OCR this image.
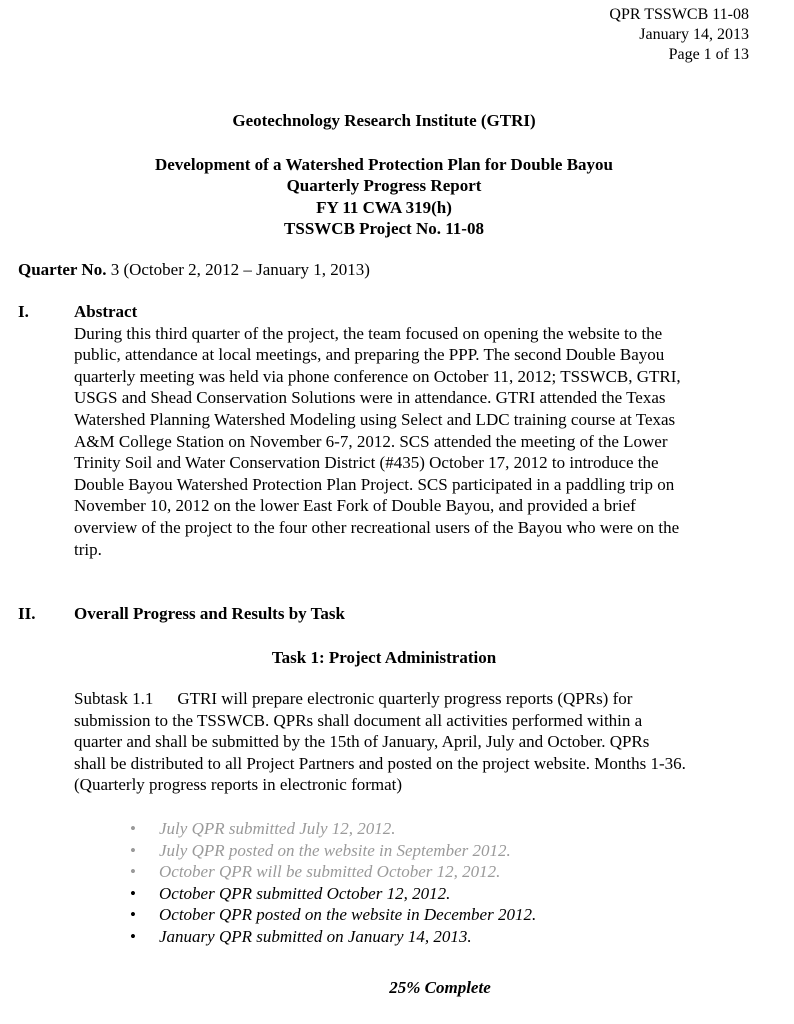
QPR TSSWCB 11-08
January 14, 2013
Page 1 of 13
Geotechnology Research Institute (GTRI)
Development of a Watershed Protection Plan for Double Bayou
Quarterly Progress Report
FY 11 CWA 319(h)
TSSWCB Project No. 11-08
Quarter No. 3 (October 2, 2012 – January 1, 2013)
I.	Abstract
During this third quarter of the project, the team focused on opening the website to the
public, attendance at local meetings, and preparing the PPP. The second Double Bayou
quarterly meeting was held via phone conference on October 11, 2012; TSSWCB, GTRI,
USGS and Shead Conservation Solutions were in attendance. GTRI attended the Texas
Watershed Planning Watershed Modeling using Select and LDC training course at Texas
A&M College Station on November 6-7, 2012. SCS attended the meeting of the Lower
Trinity Soil and Water Conservation District (#435) October 17, 2012 to introduce the
Double Bayou Watershed Protection Plan Project. SCS participated in a paddling trip on
November 10, 2012 on the lower East Fork of Double Bayou, and provided a brief
overview of the project to the four other recreational users of the Bayou who were on the
trip.
II. Overall Progress and Results by Task
Task 1: Project Administration
Subtask 1.1 GTRI will prepare electronic quarterly progress reports (QPRs) for
submission to the TSSWCB. QPRs shall document all activities performed within a
quarter and shall be submitted by the 15th of January, April, July and October. QPRs
shall be distributed to all Project Partners and posted on the project website. Months 1-36.
(Quarterly progress reports in electronic format)
• July QPR submitted July 12, 2012.
• July QPR posted on the website in September 2012.
• October QPR will be submitted October 12, 2012.
• October QPR submitted October 12, 2012.
• October QPR posted on the website in December 2012.
• January QPR submitted on January 14, 2013.
25% Complete
